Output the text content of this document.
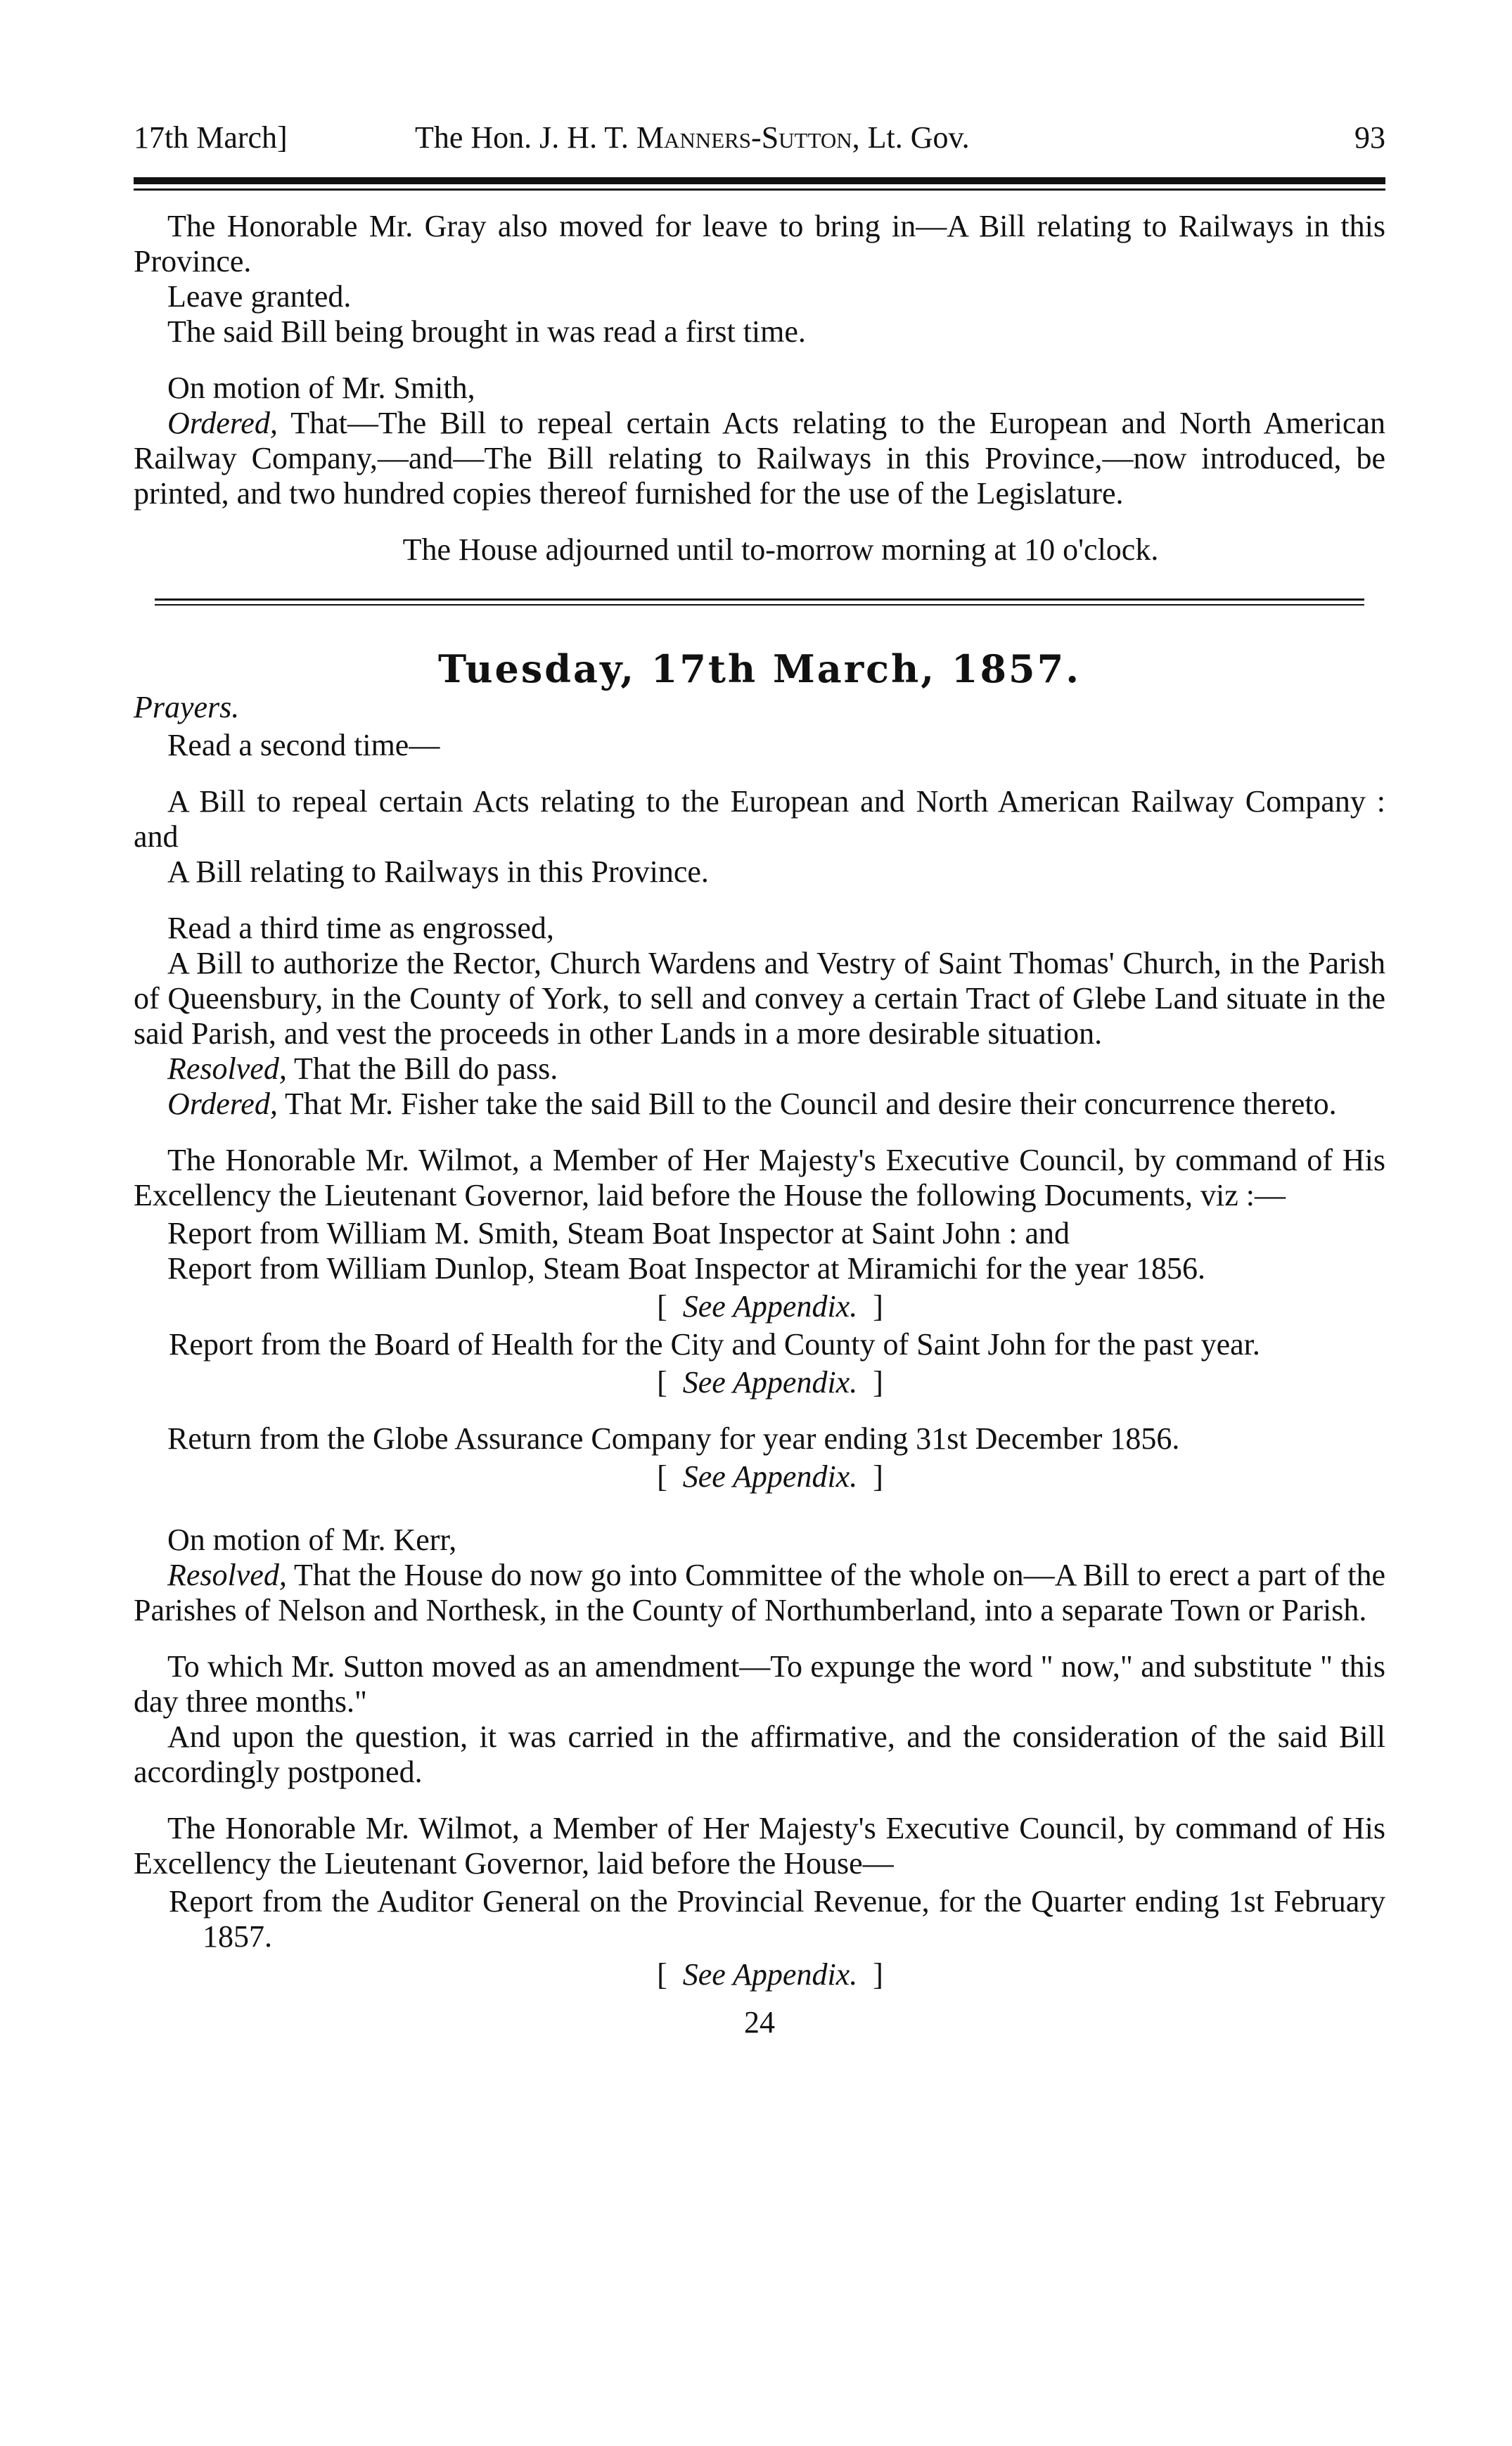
17th March]	The Hon. J. H. T. Manners-Sutton, Lt. Gov.	93

The Honorable Mr. Gray also moved for leave to bring in—A Bill relating to Railways in this Province.

Leave granted.

The said Bill being brought in was read a first time.

On motion of Mr. Smith,

Ordered, That—The Bill to repeal certain Acts relating to the European and North American Railway Company,—and—The Bill relating to Railways in this Province,—now introduced, be printed, and two hundred copies thereof furnished for the use of the Legislature.

The House adjourned until to-morrow morning at 10 o'clock.

Tuesday, 17th March, 1857.

Prayers.

Read a second time—

A Bill to repeal certain Acts relating to the European and North American Railway Company : and

A Bill relating to Railways in this Province.

Read a third time as engrossed,

A Bill to authorize the Rector, Church Wardens and Vestry of Saint Thomas' Church, in the Parish of Queensbury, in the County of York, to sell and convey a certain Tract of Glebe Land situate in the said Parish, and vest the proceeds in other Lands in a more desirable situation.

Resolved, That the Bill do pass.

Ordered, That Mr. Fisher take the said Bill to the Council and desire their concurrence thereto.

The Honorable Mr. Wilmot, a Member of Her Majesty's Executive Council, by command of His Excellency the Lieutenant Governor, laid before the House the following Documents, viz :—

Report from William M. Smith, Steam Boat Inspector at Saint John : and

Report from William Dunlop, Steam Boat Inspector at Miramichi for the year 1856.

[ See Appendix. ]

Report from the Board of Health for the City and County of Saint John for the past year.

[ See Appendix. ]

Return from the Globe Assurance Company for year ending 31st December 1856.

[ See Appendix. ]

On motion of Mr. Kerr,

Resolved, That the House do now go into Committee of the whole on—A Bill to erect a part of the Parishes of Nelson and Northesk, in the County of Northumberland, into a separate Town or Parish.

To which Mr. Sutton moved as an amendment—To expunge the word " now," and substitute " this day three months."

And upon the question, it was carried in the affirmative, and the consideration of the said Bill accordingly postponed.

The Honorable Mr. Wilmot, a Member of Her Majesty's Executive Council, by command of His Excellency the Lieutenant Governor, laid before the House—

Report from the Auditor General on the Provincial Revenue, for the Quarter ending 1st February 1857.

[ See Appendix. ]

24
